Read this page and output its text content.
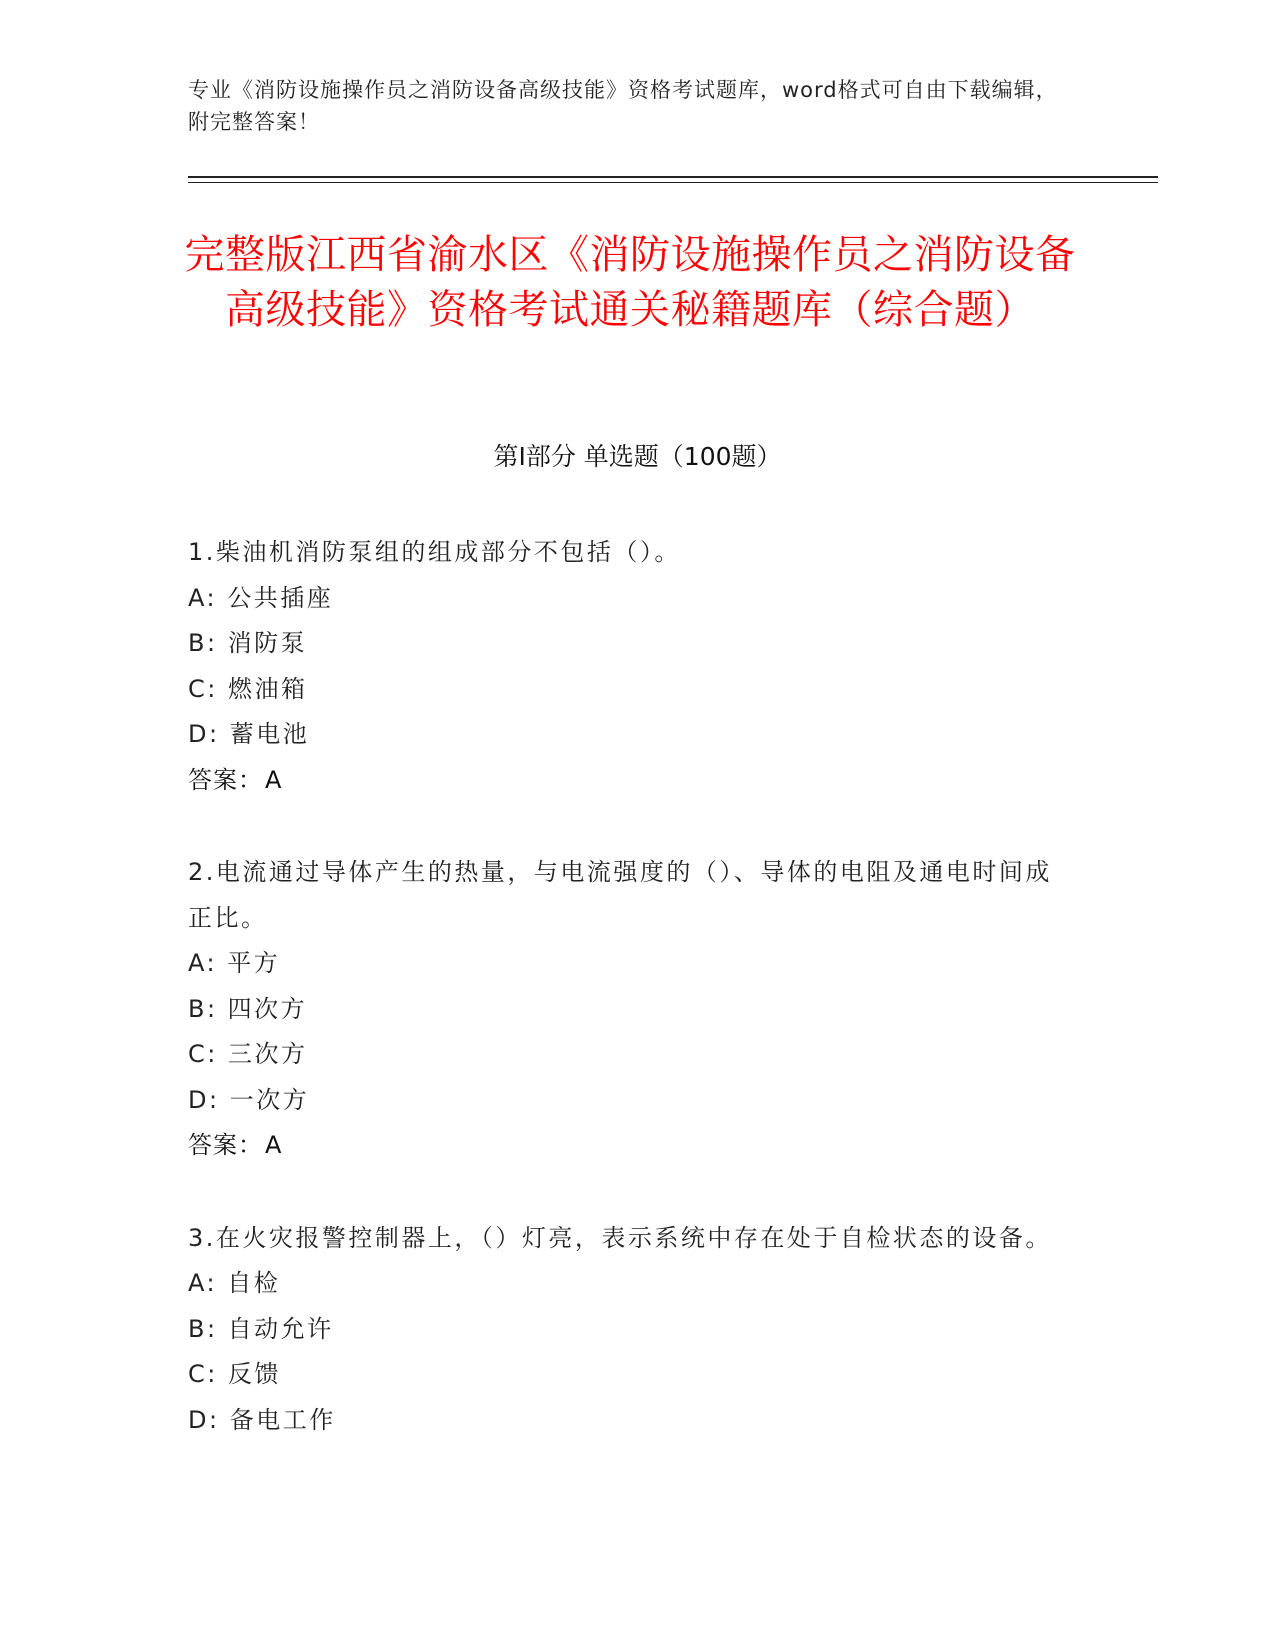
专业《消防设施操作员之消防设备高级技能》资格考试题库，word格式可自由下载编辑，附完整答案！
完整版江西省渝水区《消防设施操作员之消防设备高级技能》资格考试通关秘籍题库（综合题）
第Ⅰ部分 单选题（100题）

1.柴油机消防泵组的组成部分不包括（）。

A: 公共插座

B: 消防泵

C: 燃油箱

D: 蓄电池

答案：A

2.电流通过导体产生的热量，与电流强度的（）、导体的电阻及通电时间成正比。

A: 平方

B: 四次方

C: 三次方

D: 一次方

答案：A

3.在火灾报警控制器上，（）灯亮，表示系统中存在处于自检状态的设备。

A: 自检

B: 自动允许

C: 反馈

D: 备电工作
